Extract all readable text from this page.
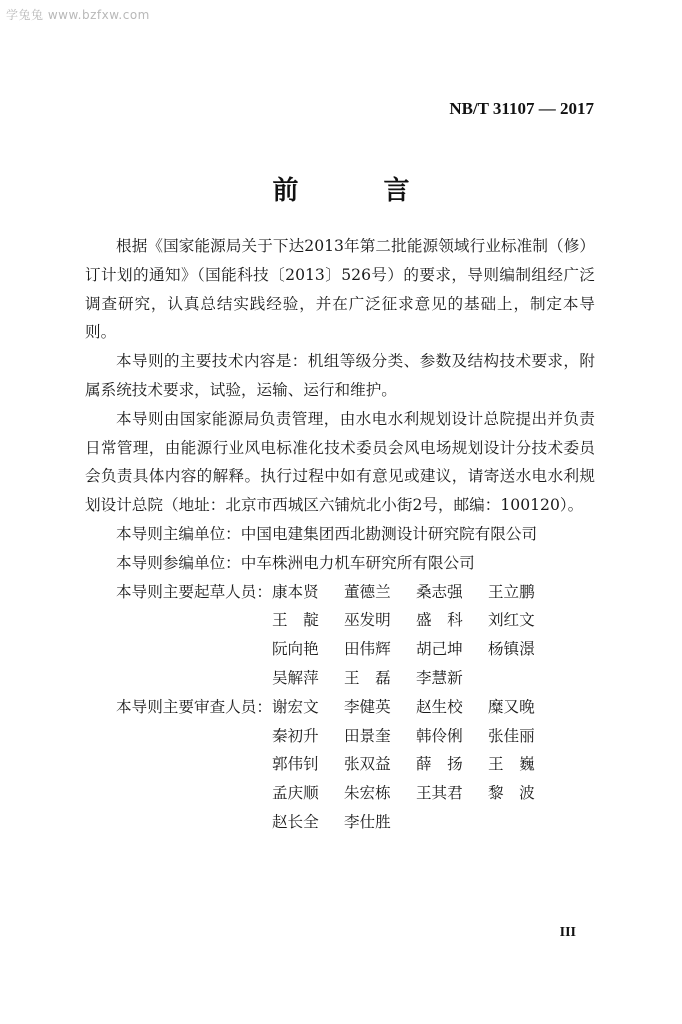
学兔兔 www.bzfxw.com
NB/T 31107 — 2017
前 言

根据《国家能源局关于下达2013年第二批能源领域行业标准制（修）订计划的通知》（国能科技〔2013〕526号）的要求，导则编制组经广泛调查研究，认真总结实践经验，并在广泛征求意见的基础上，制定本导则。

本导则的主要技术内容是：机组等级分类、参数及结构技术要求，附属系统技术要求，试验，运输、运行和维护。

本导则由国家能源局负责管理，由水电水利规划设计总院提出并负责日常管理，由能源行业风电标准化技术委员会风电场规划设计分技术委员会负责具体内容的解释。执行过程中如有意见或建议，请寄送水电水利规划设计总院（地址：北京市西城区六铺炕北小街2号，邮编：100120）。

本导则主编单位：中国电建集团西北勘测设计研究院有限公司

本导则参编单位：中车株洲电力机车研究所有限公司

本导则主要起草人员： 康本贤	董德兰	桑志强	王立鹏
王　靛	巫发明	盛　科	刘红文
阮向艳	田伟辉	胡己坤	杨镇澋
吴解萍	王　磊	李慧新
本导则主要审查人员： 谢宏文	李健英	赵生校	糜又晚
秦初升	田景奎	韩伶俐	张佳丽
郭伟钊	张双益	薛　扬	王　巍
孟庆顺	朱宏栋	王其君	黎　波
赵长全	李仕胜
III
